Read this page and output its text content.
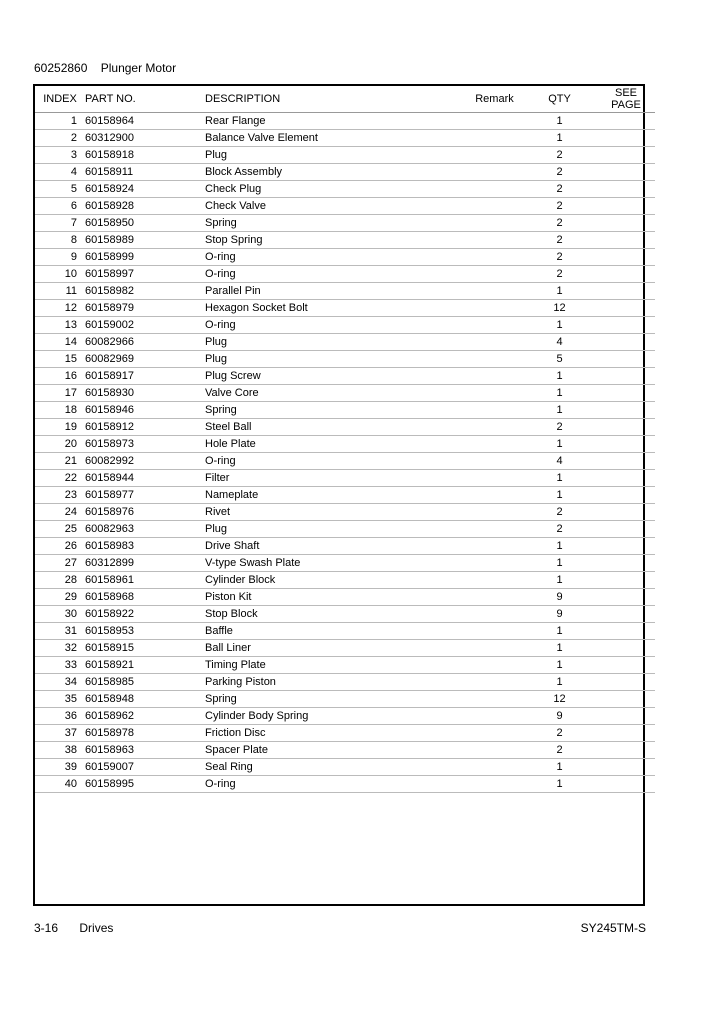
60252860 Plunger Motor
INDEX	PART NO.	DESCRIPTION	Remark	QTY	SEE
PAGE

1	60158964	Rear Flange		1	
2	60312900	Balance Valve Element		1	
3	60158918	Plug		2	
4	60158911	Block Assembly		2	
5	60158924	Check Plug		2	
6	60158928	Check Valve		2	
7	60158950	Spring		2	
8	60158989	Stop Spring		2	
9	60158999	O-ring		2	
10	60158997	O-ring		2	
11	60158982	Parallel Pin		1	
12	60158979	Hexagon Socket Bolt		12	
13	60159002	O-ring		1	
14	60082966	Plug		4	
15	60082969	Plug		5	
16	60158917	Plug Screw		1	
17	60158930	Valve Core		1	
18	60158946	Spring		1	
19	60158912	Steel Ball		2	
20	60158973	Hole Plate		1	
21	60082992	O-ring		4	
22	60158944	Filter		1	
23	60158977	Nameplate		1	
24	60158976	Rivet		2	
25	60082963	Plug		2	
26	60158983	Drive Shaft		1	
27	60312899	V-type Swash Plate		1	
28	60158961	Cylinder Block		1	
29	60158968	Piston Kit		9	
30	60158922	Stop Block		9	
31	60158953	Baffle		1	
32	60158915	Ball Liner		1	
33	60158921	Timing Plate		1	
34	60158985	Parking Piston		1	
35	60158948	Spring		12	
36	60158962	Cylinder Body Spring		9	
37	60158978	Friction Disc		2	
38	60158963	Spacer Plate		2	
39	60159007	Seal Ring		1	
40	60158995	O-ring		1	
3-16 Drives	SY245TM-S
